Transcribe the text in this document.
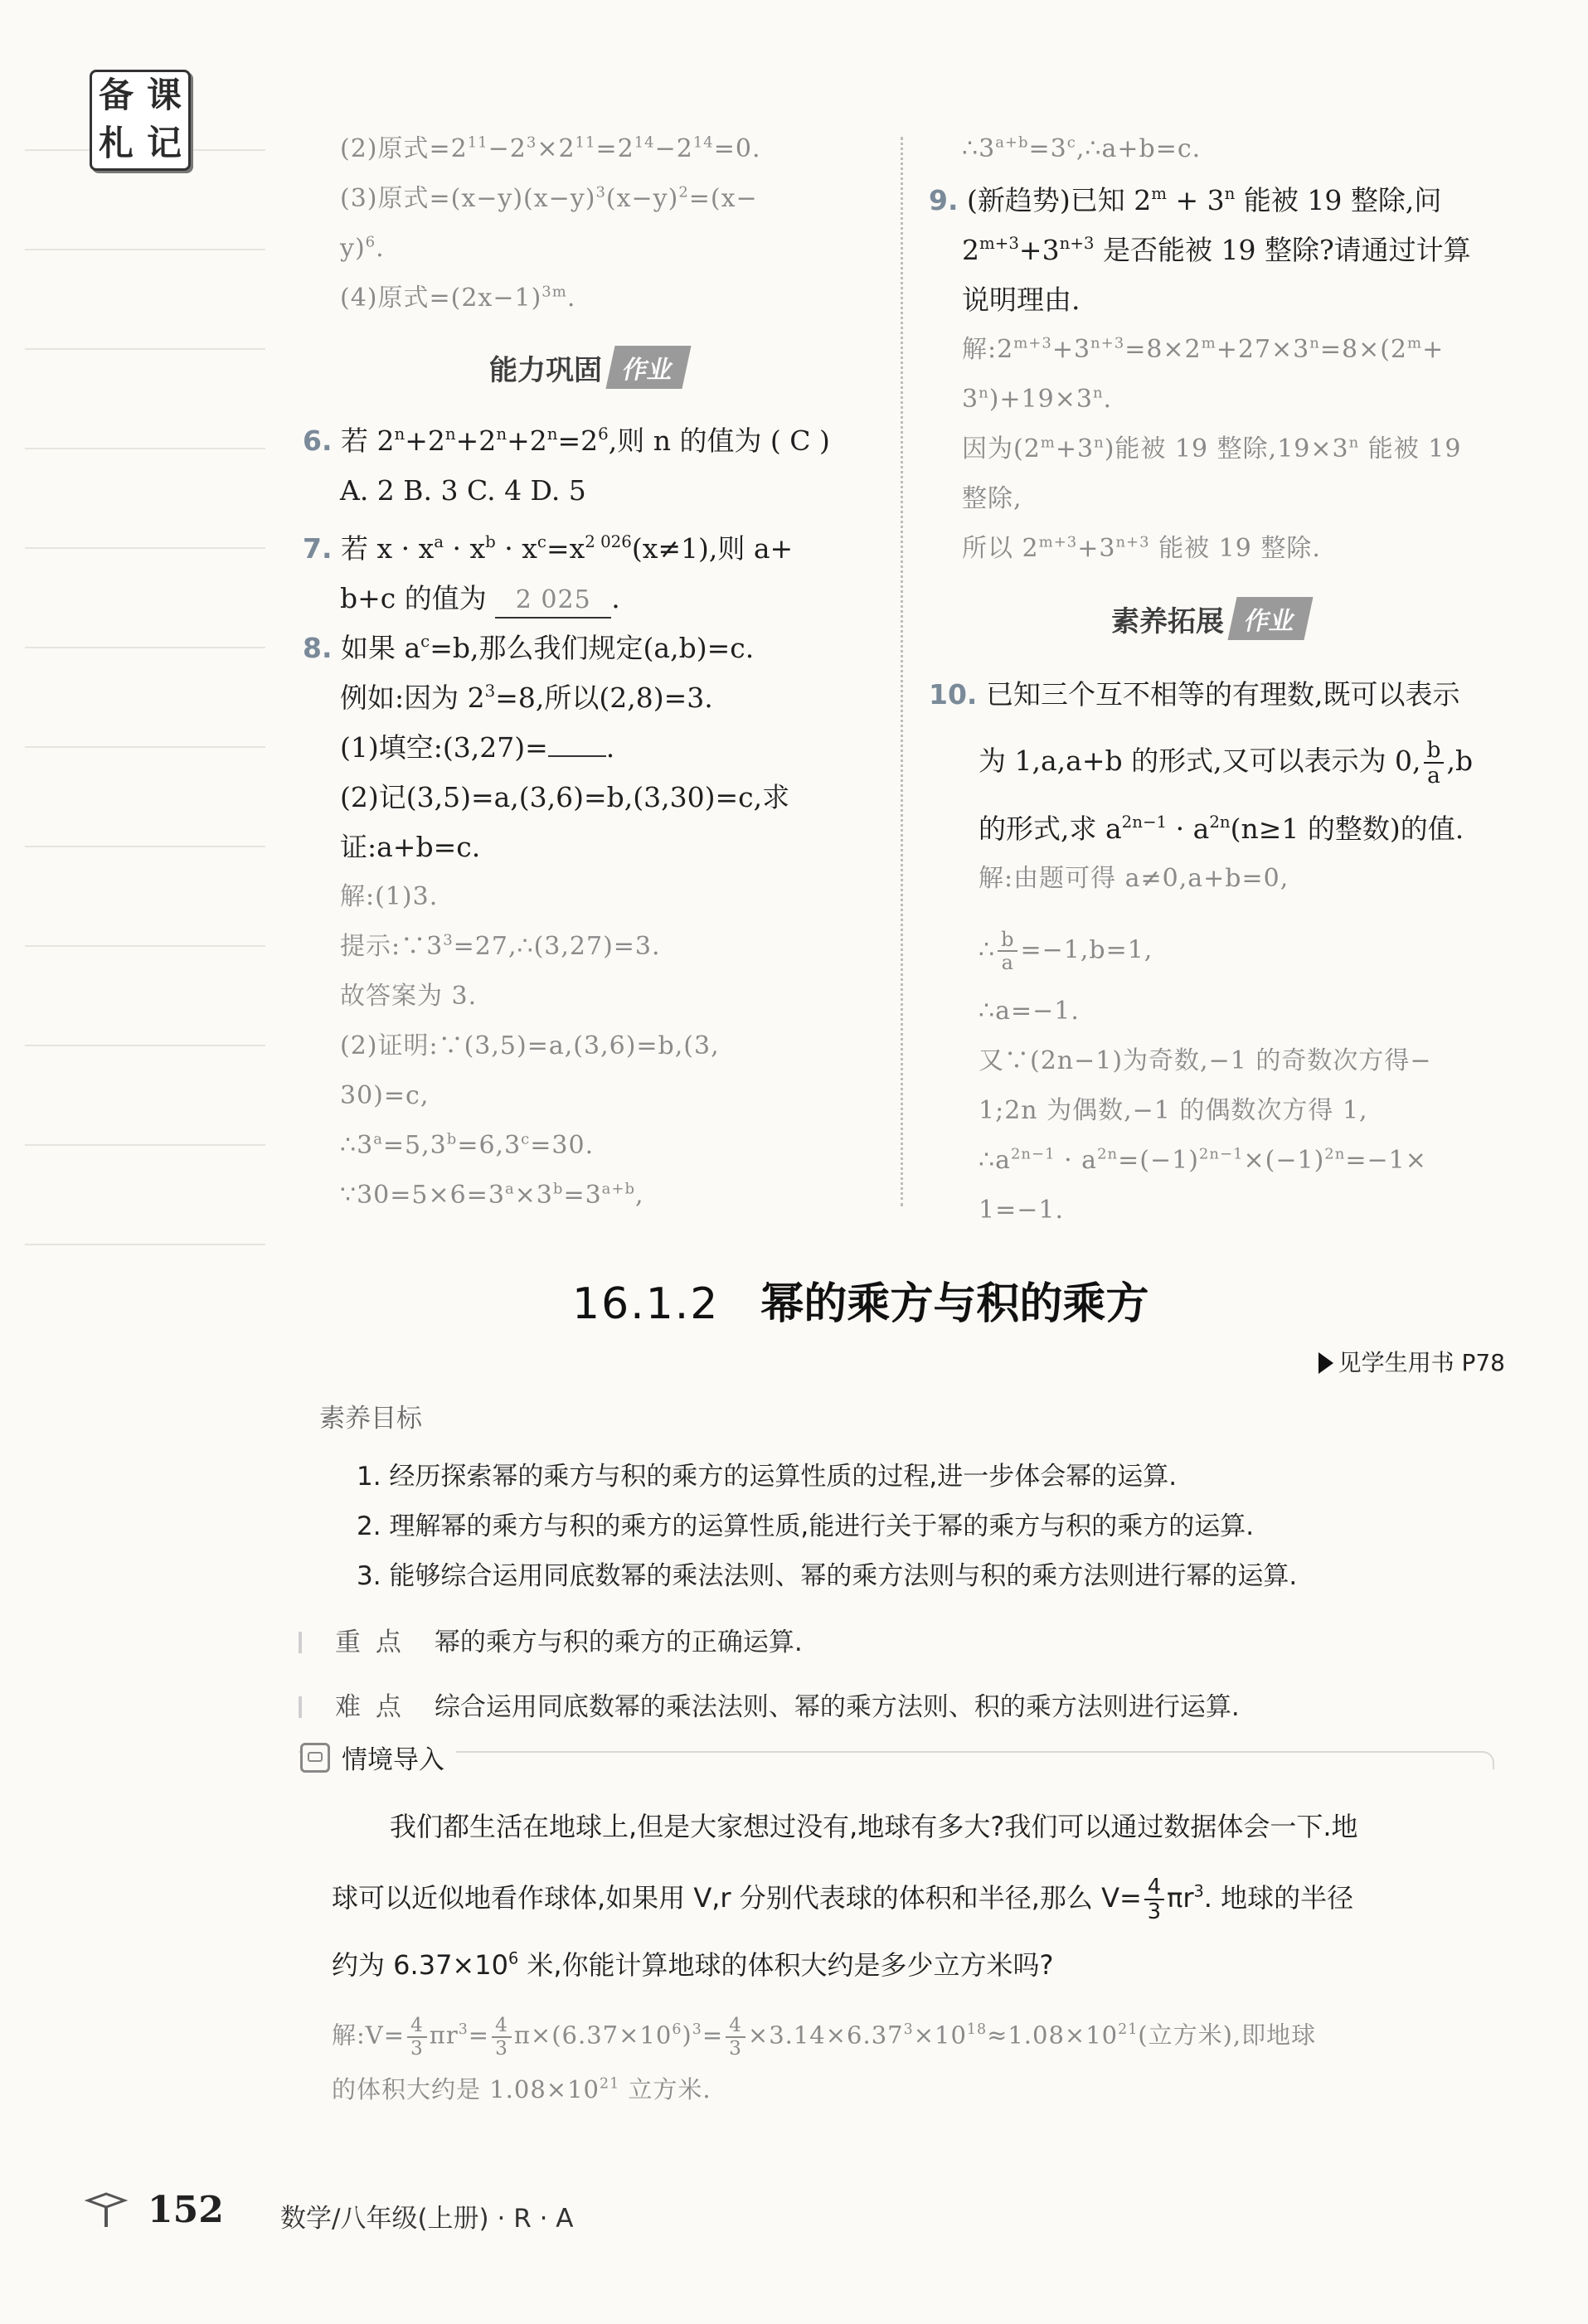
备 课
札 记	(2)原式$=2^{11}-2^3\times 2^{11}=2^{14}-2^{14}=0$.
(3)原式$=(x-y)(x-y)^3(x-y)^2=(x-$
y)$^6$.
(4)原式$=(2x-1)^{3m}$.
能力巩固 作业
6. 若 $2^n+2^n+2^n+2^n=2^6$,则 n 的值为 ( C )
A. 2 B. 3 C. 4 D. 5
7. 若 $x \cdot x^a \cdot x^b \cdot x^c=x^{2 026}(x\ne 1)$,则 a+
b+c 的值为 2 025 .
8. 如果 $a^c=b$,那么我们规定(a,b)=c.
例如:因为 $2^3=8$,所以(2,8)=3.
(1)填空:(3,27)= .
(2)记(3,5)=a,(3,6)=b,(3,30)=c,求
证:a+b=c.
解:(1)3.
提示$:\because 3^3=27,\therefore(3,27)=3$.
故答案为 3.
(2)证明:∵(3,5)=a,(3,6)=b,(3,
30)=c,
$\therefore 3^a=5,3^b=6,3^c=30$.
$\because 30=5\times 6=3^a\times 3^b=3^{a+b}$,
$\therefore 3^{a+b}=3^c,\therefore a+b=c$.
9. (新趋势)已知 $2^m + 3^n$ 能被 19 整除,问
$2^{m+3}+3^{n+3}$ 是否能被 19 整除?请通过计算
说明理由.
解$:2^{m+3}+3^{n+3}=8\times 2^m+27\times 3^n=8\times(2^m+$
$3^n)+19\times 3^n$.
因为$(2^m+3^n)$能被 19 整除$,19\times 3^n$ 能被 19
整除,
所以 $2^{m+3}+3^{n+3}$ 能被 19 整除.
素养拓展 作业
10. 已知三个互不相等的有理数,既可以表示
为 1,a,a+b 的形式,又可以表示为 0, $\frac{b}{a} ,b$
的形式,求 $a^{2n-1} \cdot a^{2n}(n\ge 1$ 的整数)的值.
解:由题可得 a≠0,a+b=0,
∴ $\frac{b}{a} =-1,b=1$,
∴a=−1.
又∵(2n−1)为奇数,−1 的奇数次方得−
1;2n 为偶数,−1 的偶数次方得 1,
$\therefore a^{2n-1} \cdot a^{2n}=(-1)^{2n-1}\times(-1)^{2n}=-1\times$
1=−1.
16.1.2 幂的乘方与积的乘方
见学生用书 P78
素养目标
1. 经历探索幂的乘方与积的乘方的运算性质的过程,进一步体会幂的运算.
2. 理解幂的乘方与积的乘方的运算性质,能进行关于幂的乘方与积的乘方的运算.
3. 能够综合运用同底数幂的乘法法则、幂的乘方法则与积的乘方法则进行幂的运算.
重 点 幂的乘方与积的乘方的正确运算.
难 点 综合运用同底数幂的乘法法则、幂的乘方法则、积的乘方法则进行运算.
情境导入
我们都生活在地球上,但是大家想过没有,地球有多大?我们可以通过数据体会一下.地
球可以近似地看作球体,如果用 V,r 分别代表球的体积和半径,那么 $V= \frac{4}{3} \pi r^3$. 地球的半径
约为 $6.37\times 10^6$ 米,你能计算地球的体积大约是多少立方米吗?
解:V= $\frac{4}{3} \pi r^3= \frac{4}{3} \pi\times(6.37\times 10^6)^3= \frac{4}{3} \times 3.14\times 6.37^3\times 10^{18}\approx 1.08\times 10^{21}$(立方米),即地球
的体积大约是 $1.08\times 10^{21}$ 立方米.
152 数学/八年级(上册) · R · A
